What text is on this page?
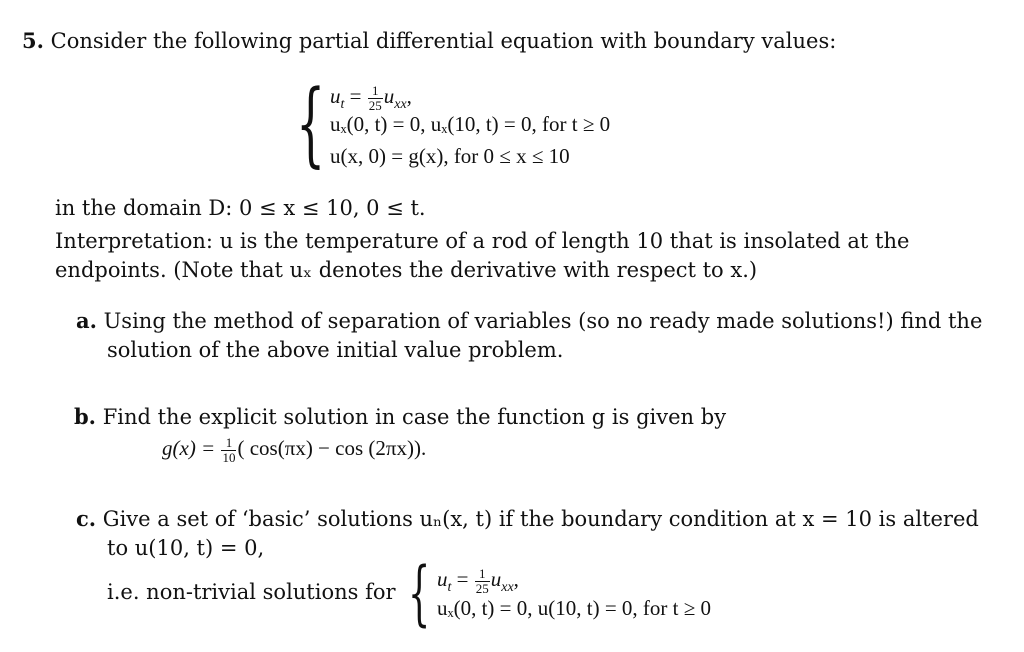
5. Consider the following partial differential equation with boundary values:
{ $u_t = \frac{1}{25} u_{xx}$,
uₓ(0, t) = 0, uₓ(10, t) = 0, for t ≥ 0
u(x, 0) = g(x), for 0 ≤ x ≤ 10
in the domain D: 0 ≤ x ≤ 10, 0 ≤ t.
Interpretation: u is the temperature of a rod of length 10 that is insolated at the
endpoints. (Note that uₓ denotes the derivative with respect to x.)
a. Using the method of separation of variables (so no ready made solutions!) find the
solution of the above initial value problem.
b. Find the explicit solution in case the function g is given by
$g(x) = \frac{1}{10}$ ( cos(πx) − cos (2πx)).
c. Give a set of ‘basic’ solutions uₙ(x, t) if the boundary condition at x = 10 is altered
to u(10, t) = 0,
i.e. non-trivial solutions for { $u_t = \frac{1}{25} u_{xx}$,
uₓ(0, t) = 0, u(10, t) = 0, for t ≥ 0
